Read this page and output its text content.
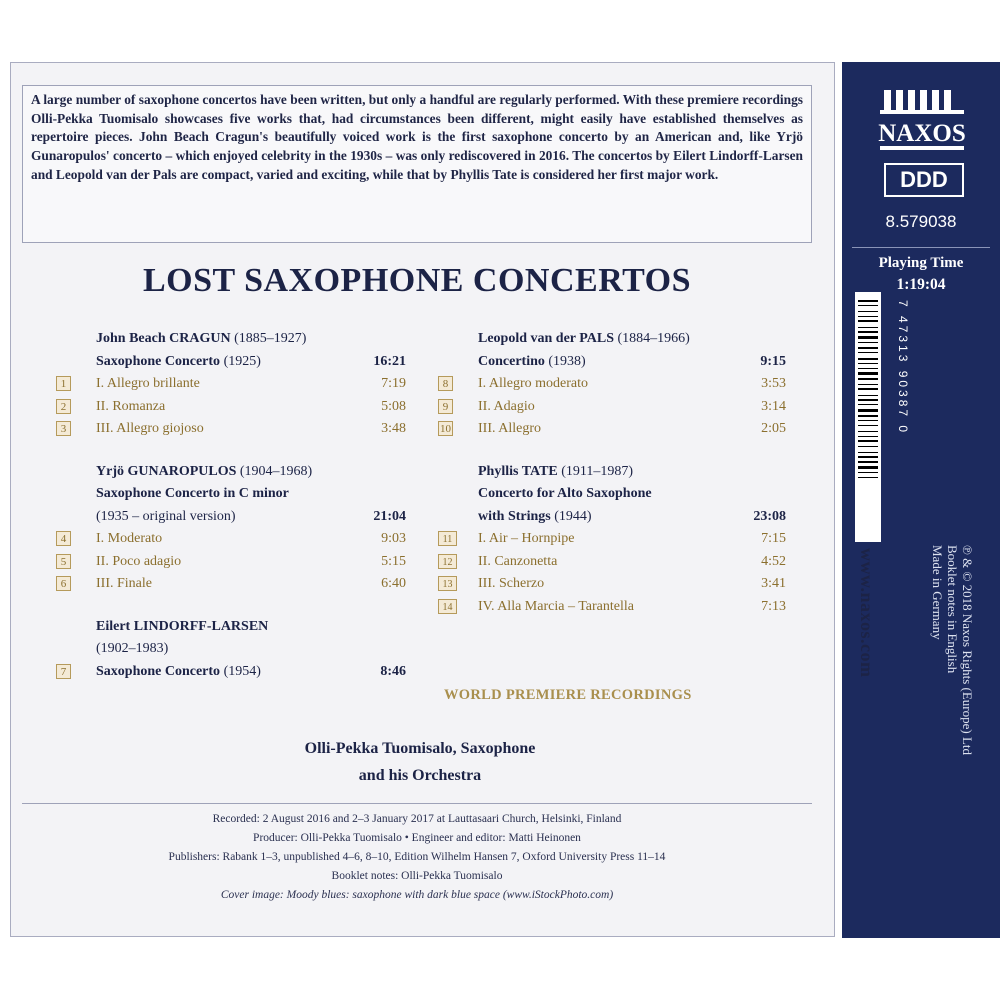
A large number of saxophone concertos have been written, but only a handful are regularly performed. With these premiere recordings Olli-Pekka Tuomisalo showcases five works that, had circumstances been different, might easily have established themselves as repertoire pieces. John Beach Cragun's beautifully voiced work is the first saxophone concerto by an American and, like Yrjö Gunaropulos' concerto – which enjoyed celebrity in the 1930s – was only rediscovered in 2016. The concertos by Eilert Lindorff-Larsen and Leopold van der Pals are compact, varied and exciting, while that by Phyllis Tate is considered her first major work.
LOST SAXOPHONE CONCERTOS
John Beach CRAGUN (1885–1927)
Saxophone Concerto (1925)	16:21
1	I. Allegro brillante	7:19
2	II. Romanza	5:08
3	III. Allegro giojoso	3:48
Yrjö GUNAROPULOS (1904–1968)
Saxophone Concerto in C minor
(1935 – original version)	21:04
4	I. Moderato	9:03
5	II. Poco adagio	5:15
6	III. Finale	6:40
Eilert LINDORFF-LARSEN
(1902–1983)
7	Saxophone Concerto (1954)	8:46
Leopold van der PALS (1884–1966)
Concertino (1938)	9:15
8	I. Allegro moderato	3:53
9	II. Adagio	3:14
10 III. Allegro	2:05
Phyllis TATE (1911–1987)
Concerto for Alto Saxophone
with Strings (1944)	23:08
11	I. Air – Hornpipe	7:15
12	II. Canzonetta	4:52
13	III. Scherzo	3:41
14	IV. Alla Marcia – Tarantella	7:13
WORLD PREMIERE RECORDINGS
Olli-Pekka Tuomisalo, Saxophone
and his Orchestra
Recorded: 2 August 2016 and 2–3 January 2017 at Lauttasaari Church, Helsinki, Finland
Producer: Olli-Pekka Tuomisalo • Engineer and editor: Matti Heinonen
Publishers: Rabank 1–3, unpublished 4–6, 8–10, Edition Wilhelm Hansen 7, Oxford University Press 11–14
Booklet notes: Olli-Pekka Tuomisalo
Cover image: Moody blues: saxophone with dark blue space (www.iStockPhoto.com)
NAXOS
DDD
8.579038
Playing Time
1:19:04
7 47313 90387 0
www.naxos.com	℗ & © 2018 Naxos Rights (Europe) Ltd
Booklet notes in English
Made in Germany
